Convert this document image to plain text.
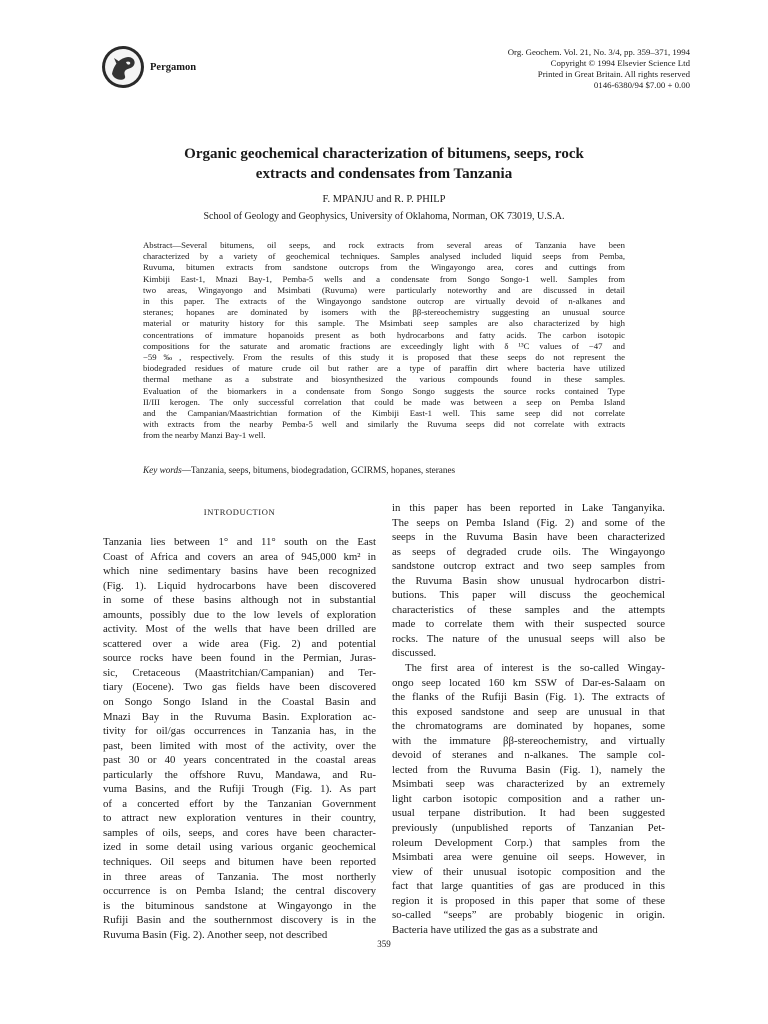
Pergamon
Org. Geochem. Vol. 21, No. 3/4, pp. 359–371, 1994
Copyright © 1994 Elsevier Science Ltd
Printed in Great Britain. All rights reserved
0146-6380/94 $7.00 + 0.00
Organic geochemical characterization of bitumens, seeps, rock
extracts and condensates from Tanzania
F. MPANJU and R. P. PHILP
School of Geology and Geophysics, University of Oklahoma, Norman, OK 73019, U.S.A.
Abstract—Several bitumens, oil seeps, and rock extracts from several areas of Tanzania have been
characterized by a variety of geochemical techniques. Samples analysed included liquid seeps from Pemba,
Ruvuma, bitumen extracts from sandstone outcrops from the Wingayongo area, cores and cuttings from
Kimbiji East-1, Mnazi Bay-1, Pemba-5 wells and a condensate from Songo Songo-1 well. Samples from
two areas, Wingayongo and Msimbati (Ruvuma) were particularly noteworthy and are discussed in detail
in this paper. The extracts of the Wingayongo sandstone outcrop are virtually devoid of n-alkanes and
steranes; hopanes are dominated by isomers with the ββ-stereochemistry suggesting an unusual source
material or maturity history for this sample. The Msimbati seep samples are also characterized by high
concentrations of immature hopanoids present as both hydrocarbons and fatty acids. The carbon isotopic
compositions for the saturate and aromatic fractions are exceedingly light with δ ¹³C values of −47 and
−59‰, respectively. From the results of this study it is proposed that these seeps do not represent the
biodegraded residues of mature crude oil but rather are a type of paraffin dirt where bacteria have utilized
thermal methane as a substrate and biosynthesized the various compounds found in these samples.
Evaluation of the biomarkers in a condensate from Songo Songo suggests the source rocks contained Type
II/III kerogen. The only successful correlation that could be made was between a seep on Pemba Island
and the Campanian/Maastrichtian formation of the Kimbiji East-1 well. This same seep did not correlate
with extracts from the nearby Pemba-5 well and similarly the Ruvuma seeps did not correlate with extracts
from the nearby Manzi Bay-1 well.
Key words—Tanzania, seeps, bitumens, biodegradation, GCIRMS, hopanes, steranes
INTRODUCTION
Tanzania lies between 1° and 11° south on the East
Coast of Africa and covers an area of 945,000 km² in
which nine sedimentary basins have been recognized
(Fig. 1). Liquid hydrocarbons have been discovered
in some of these basins although not in substantial
amounts, possibly due to the low levels of exploration
activity. Most of the wells that have been drilled are
scattered over a wide area (Fig. 2) and potential
source rocks have been found in the Permian, Juras-
sic, Cretaceous (Maastritchian/Campanian) and Ter-
tiary (Eocene). Two gas fields have been discovered
on Songo Songo Island in the Coastal Basin and
Mnazi Bay in the Ruvuma Basin. Exploration ac-
tivity for oil/gas occurrences in Tanzania has, in the
past, been limited with most of the activity, over the
past 30 or 40 years concentrated in the coastal areas
particularly the offshore Ruvu, Mandawa, and Ru-
vuma Basins, and the Rufiji Trough (Fig. 1). As part
of a concerted effort by the Tanzanian Government
to attract new exploration ventures in their country,
samples of oils, seeps, and cores have been character-
ized in some detail using various organic geochemical
techniques. Oil seeps and bitumen have been reported
in three areas of Tanzania. The most northerly
occurrence is on Pemba Island; the central discovery
is the bituminous sandstone at Wingayongo in the
Rufiji Basin and the southernmost discovery is in the
Ruvuma Basin (Fig. 2). Another seep, not described
in this paper has been reported in Lake Tanganyika.
The seeps on Pemba Island (Fig. 2) and some of the
seeps in the Ruvuma Basin have been characterized
as seeps of degraded crude oils. The Wingayongo
sandstone outcrop extract and two seep samples from
the Ruvuma Basin show unusual hydrocarbon distri-
butions. This paper will discuss the geochemical
characteristics of these samples and the attempts
made to correlate them with their suspected source
rocks. The nature of the unusual seeps will also be
discussed.
The first area of interest is the so-called Wingay-
ongo seep located 160 km SSW of Dar-es-Salaam on
the flanks of the Rufiji Basin (Fig. 1). The extracts of
this exposed sandstone and seep are unusual in that
the chromatograms are dominated by hopanes, some
with the immature ββ-stereochemistry, and virtually
devoid of steranes and n-alkanes. The sample col-
lected from the Ruvuma Basin (Fig. 1), namely the
Msimbati seep was characterized by an extremely
light carbon isotopic composition and a rather un-
usual terpane distribution. It had been suggested
previously (unpublished reports of Tanzanian Pet-
roleum Development Corp.) that samples from the
Msimbati area were genuine oil seeps. However, in
view of their unusual isotopic composition and the
fact that large quantities of gas are produced in this
region it is proposed in this paper that some of these
so-called “seeps” are probably biogenic in origin.
Bacteria have utilized the gas as a substrate and
359
